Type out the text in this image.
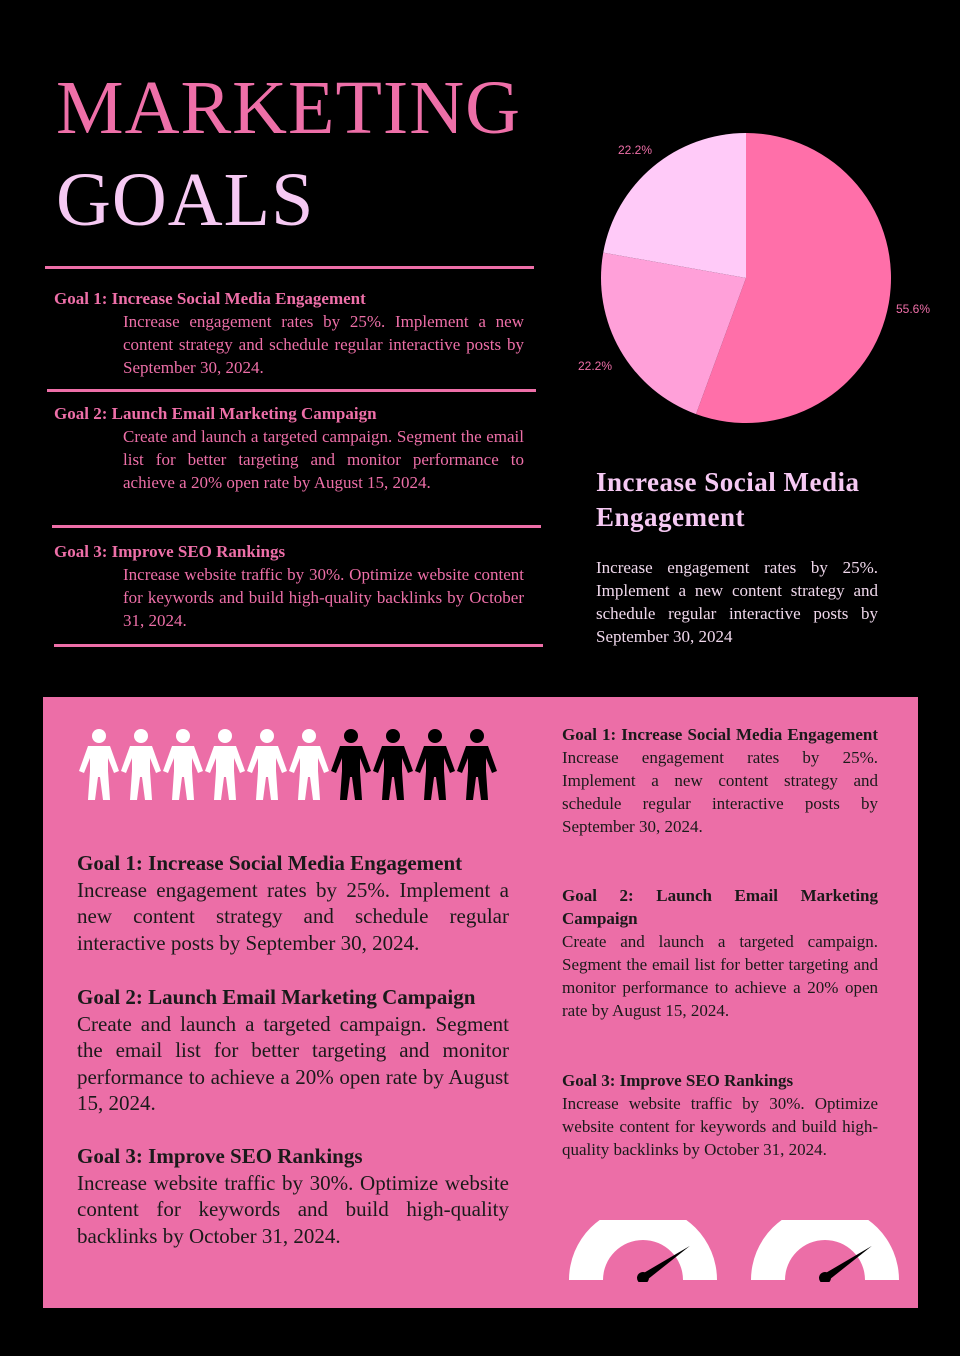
MARKETING
GOALS
Goal 1: Increase Social Media Engagement
Increase engagement rates by 25%. Implement a new content strategy and schedule regular interactive posts by September 30, 2024.
Goal 2: Launch Email Marketing Campaign
Create and launch a targeted campaign. Segment the email list for better targeting and monitor performance to achieve a 20% open rate by August 15, 2024.
Goal 3: Improve SEO Rankings
Increase website traffic by 30%. Optimize website content for keywords and build high-quality backlinks by October 31, 2024.
55.6%
22.2%
22.2%
Increase Social Media Engagement
Increase engagement rates by 25%. Implement a new content strategy and schedule regular interactive posts by September 30, 2024
Goal 1: Increase Social Media Engagement
Increase engagement rates by 25%. Implement a new content strategy and schedule regular interactive posts by September 30, 2024.
Goal 2: Launch Email Marketing Campaign
Create and launch a targeted campaign. Segment the email list for better targeting and monitor performance to achieve a 20% open rate by August 15, 2024.
Goal 3: Improve SEO Rankings
Increase website traffic by 30%. Optimize website content for keywords and build high-quality backlinks by October 31, 2024.
Goal 1: Increase Social Media Engagement
Increase engagement rates by 25%. Implement a new content strategy and schedule regular interactive posts by September 30, 2024.
Goal 2: Launch Email Marketing Campaign
Create and launch a targeted campaign. Segment the email list for better targeting and monitor performance to achieve a 20% open rate by August 15, 2024.
Goal 3: Improve SEO Rankings
Increase website traffic by 30%. Optimize website content for keywords and build high-quality backlinks by October 31, 2024.
